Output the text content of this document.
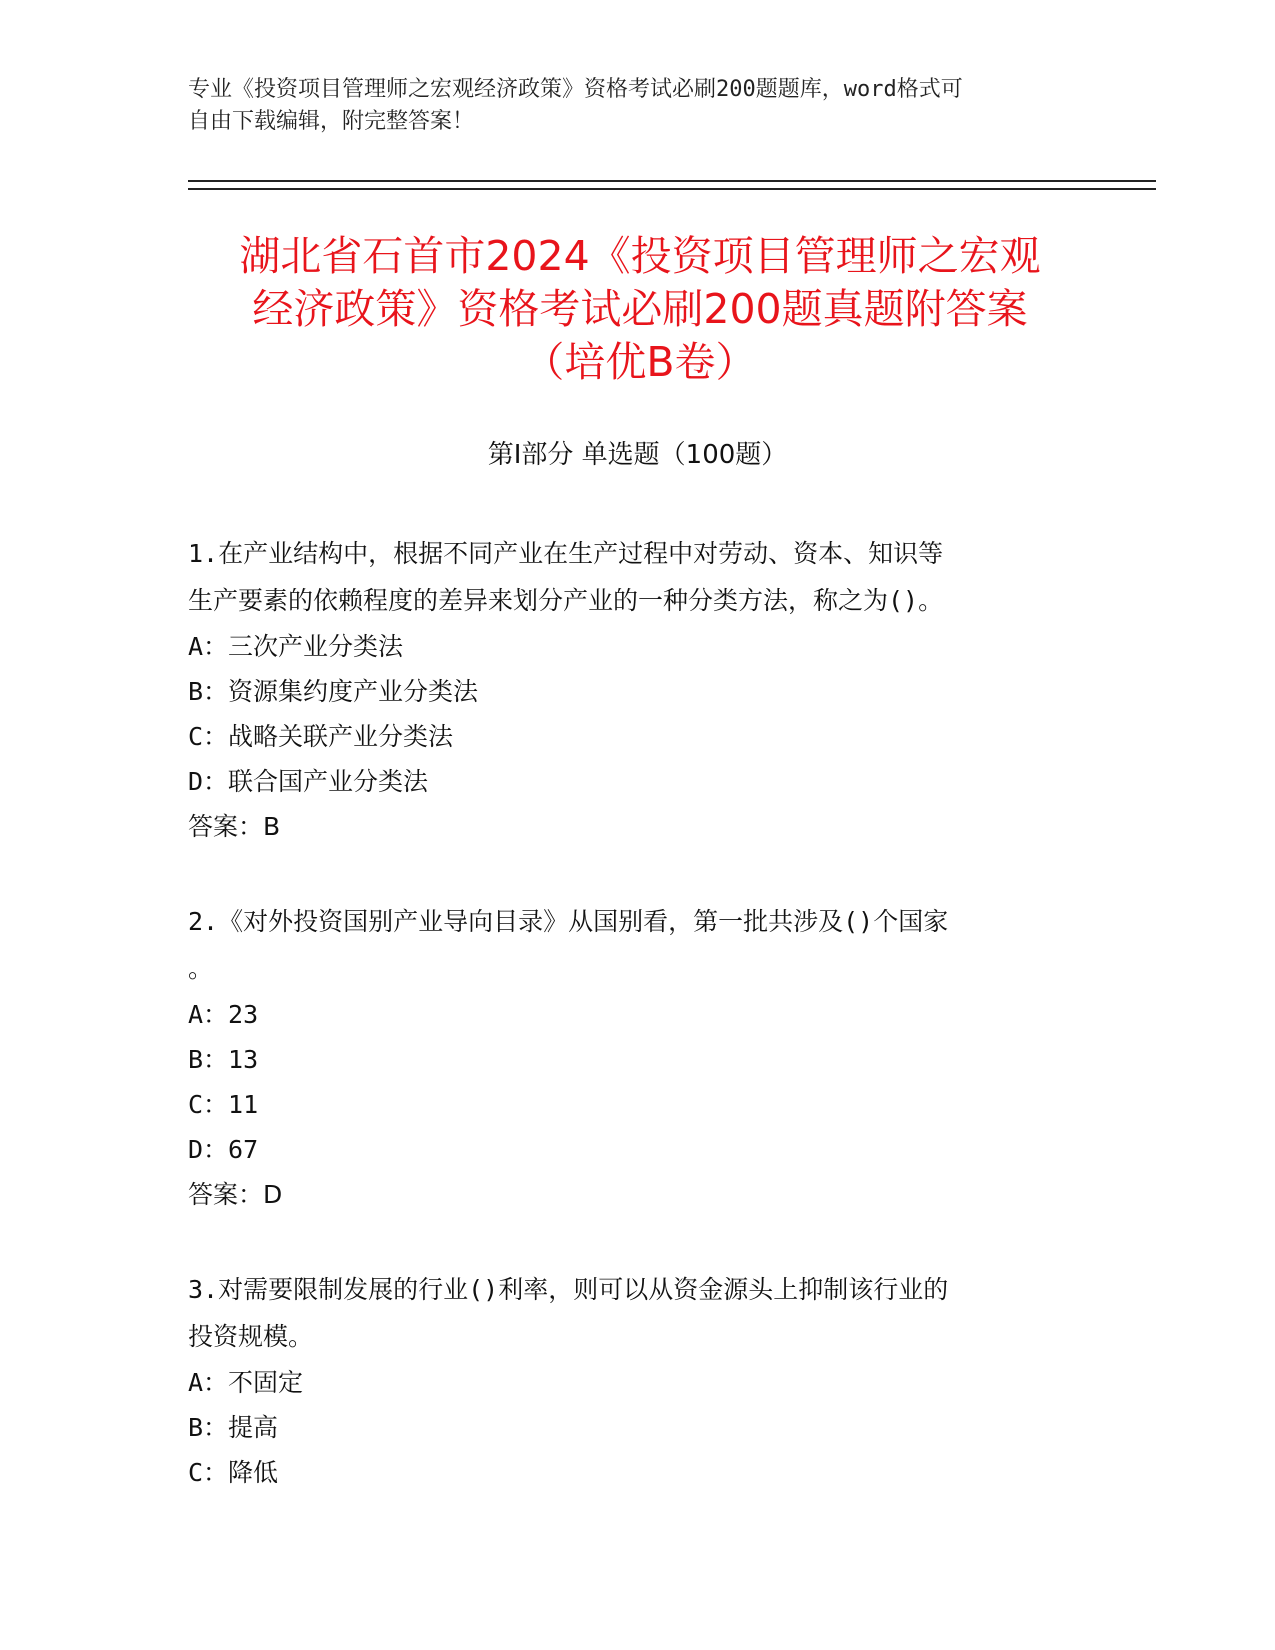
专业《投资项目管理师之宏观经济政策》资格考试必刷200题题库，word格式可
自由下载编辑，附完整答案！
湖北省石首市2024《投资项目管理师之宏观
经济政策》资格考试必刷200题真题附答案
（培优B卷）
第Ⅰ部分 单选题（100题）
1.在产业结构中，根据不同产业在生产过程中对劳动、资本、知识等
生产要素的依赖程度的差异来划分产业的一种分类方法，称之为()。
A：三次产业分类法
B：资源集约度产业分类法
C：战略关联产业分类法
D：联合国产业分类法
答案：B
2.《对外投资国别产业导向目录》从国别看，第一批共涉及()个国家
。
A：23
B：13
C：11
D：67
答案：D
3.对需要限制发展的行业()利率，则可以从资金源头上抑制该行业的
投资规模。
A：不固定
B：提高
C：降低
